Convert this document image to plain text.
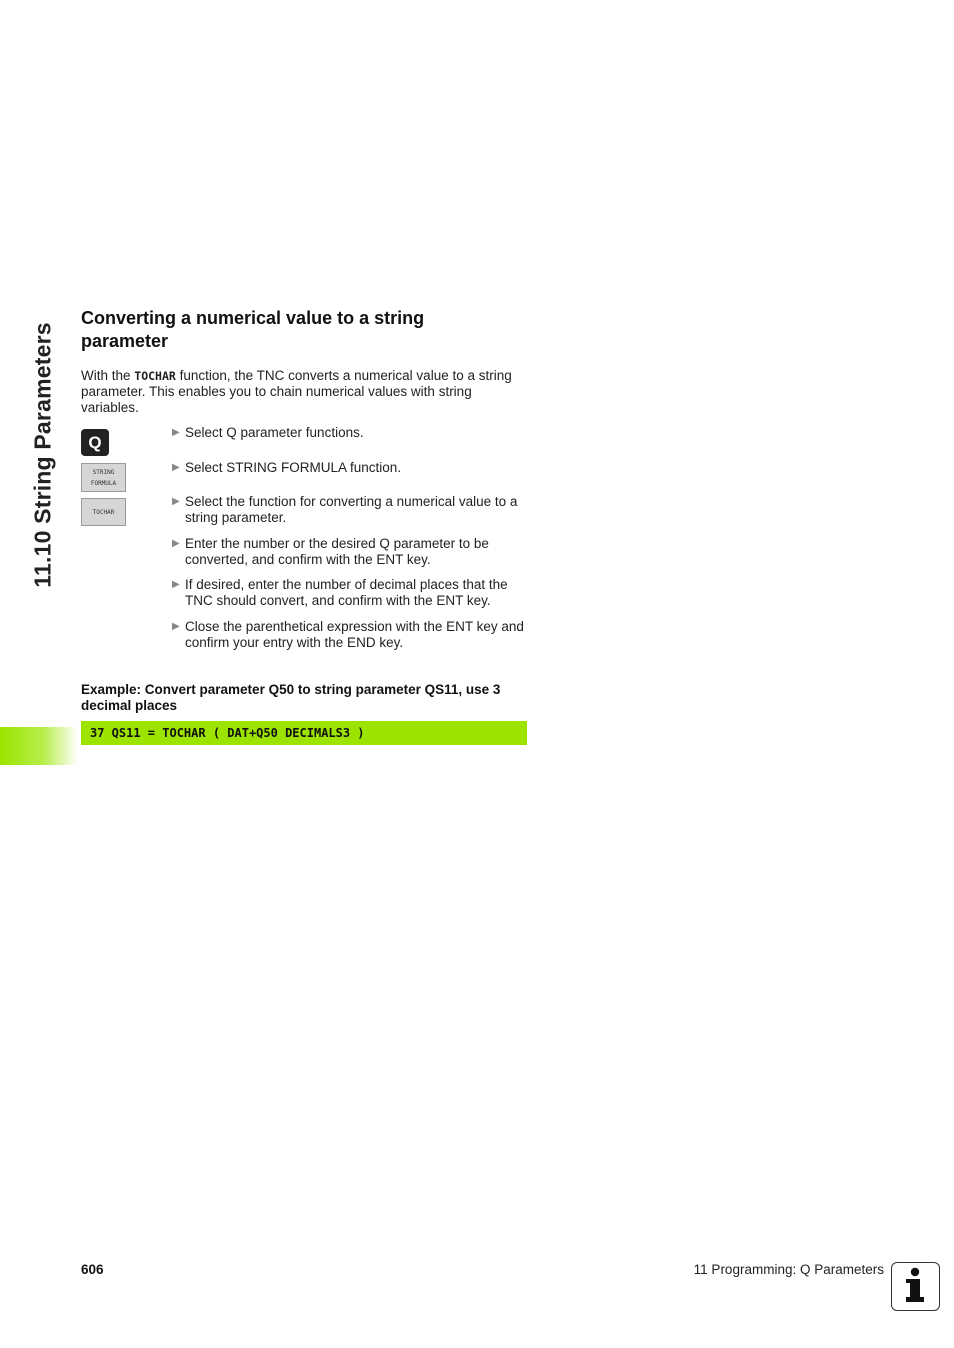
11.10 String Parameters
Converting a numerical value to a string parameter

With the TOCHAR function, the TNC converts a numerical value to a string parameter. This enables you to chain numerical values with string variables.

Q
STRING
FORMULA
TOCHAR
▶ Select Q parameter functions.
▶ Select STRING FORMULA function.
▶ Select the function for converting a numerical value to a string parameter.
▶ Enter the number or the desired Q parameter to be converted, and confirm with the ENT key.
▶ If desired, enter the number of decimal places that the TNC should convert, and confirm with the ENT key.
▶ Close the parenthetical expression with the ENT key and confirm your entry with the END key.
Example: Convert parameter Q50 to string parameter QS11, use 3 decimal places
37 QS11 = TOCHAR ( DAT+Q50 DECIMALS3 )
606	11 Programming: Q Parameters
